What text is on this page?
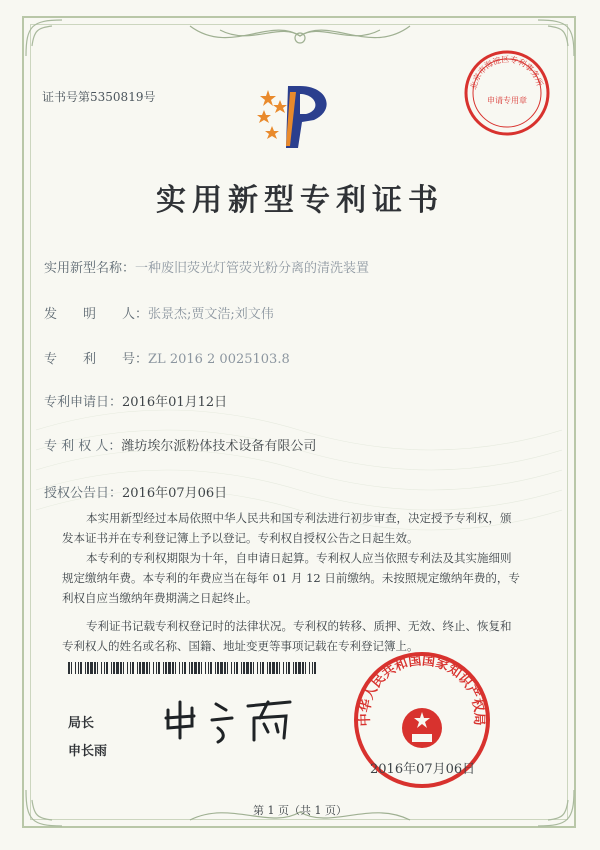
证书号第5350819号
北京市海淀区专利事务所
申请专用章
实用新型专利证书
实用新型名称：一种废旧荧光灯管荧光粉分离的清洗装置
发　　明　　人：张景杰;贾文浩;刘文伟
专　　利　　号：ZL 2016 2 0025103.8
专利申请日：2016年01月12日
专 利 权 人：潍坊埃尔派粉体技术设备有限公司
授权公告日：2016年07月06日
本实用新型经过本局依照中华人民共和国专利法进行初步审查，决定授予专利权，颁
发本证书并在专利登记簿上予以登记。专利权自授权公告之日起生效。
本专利的专利权期限为十年，自申请日起算。专利权人应当依照专利法及其实施细则
规定缴纳年费。本专利的年费应当在每年 01 月 12 日前缴纳。未按照规定缴纳年费的，专
利权自应当缴纳年费期满之日起终止。
专利证书记载专利权登记时的法律状况。专利权的转移、质押、无效、终止、恢复和
专利权人的姓名或名称、国籍、地址变更等事项记载在专利登记簿上。
局长
申长雨
中华人民共和国国家知识产权局
2016年07月06日
第 1 页（共 1 页）
